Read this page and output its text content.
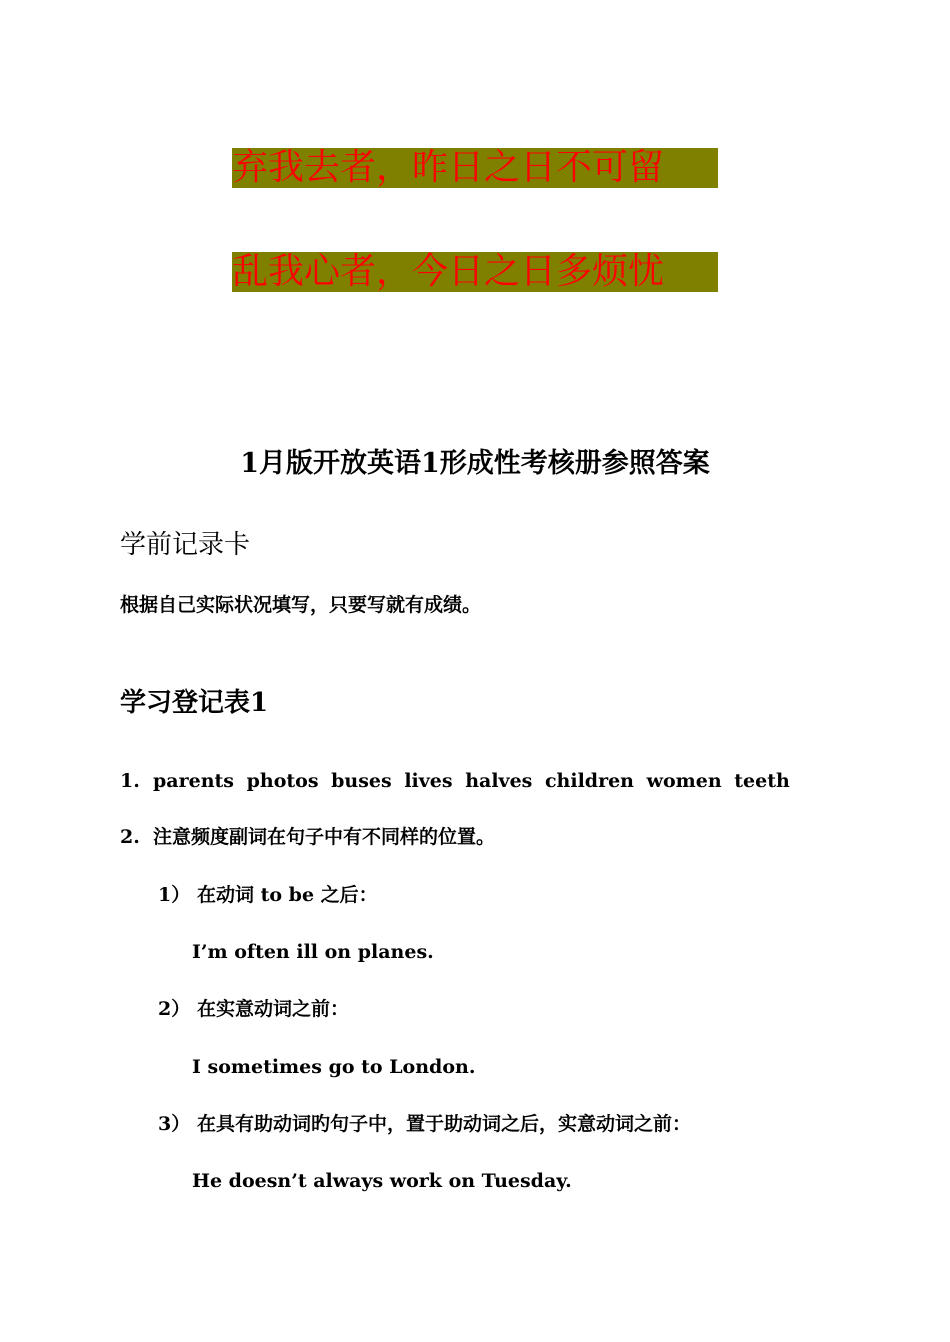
弃我去者，昨日之日不可留
乱我心者，今日之日多烦忧
1月版开放英语1形成性考核册参照答案
学前记录卡
根据自己实际状况填写，只要写就有成绩。
学习登记表1
1. parents photos buses lives halves children women teeth
2. 注意频度副词在句子中有不同样的位置。
1） 在动词 to be 之后：
I’m often ill on planes.
2） 在实意动词之前：
I sometimes go to London.
3） 在具有助动词旳句子中，置于助动词之后，实意动词之前：
He doesn’t always work on Tuesday.
